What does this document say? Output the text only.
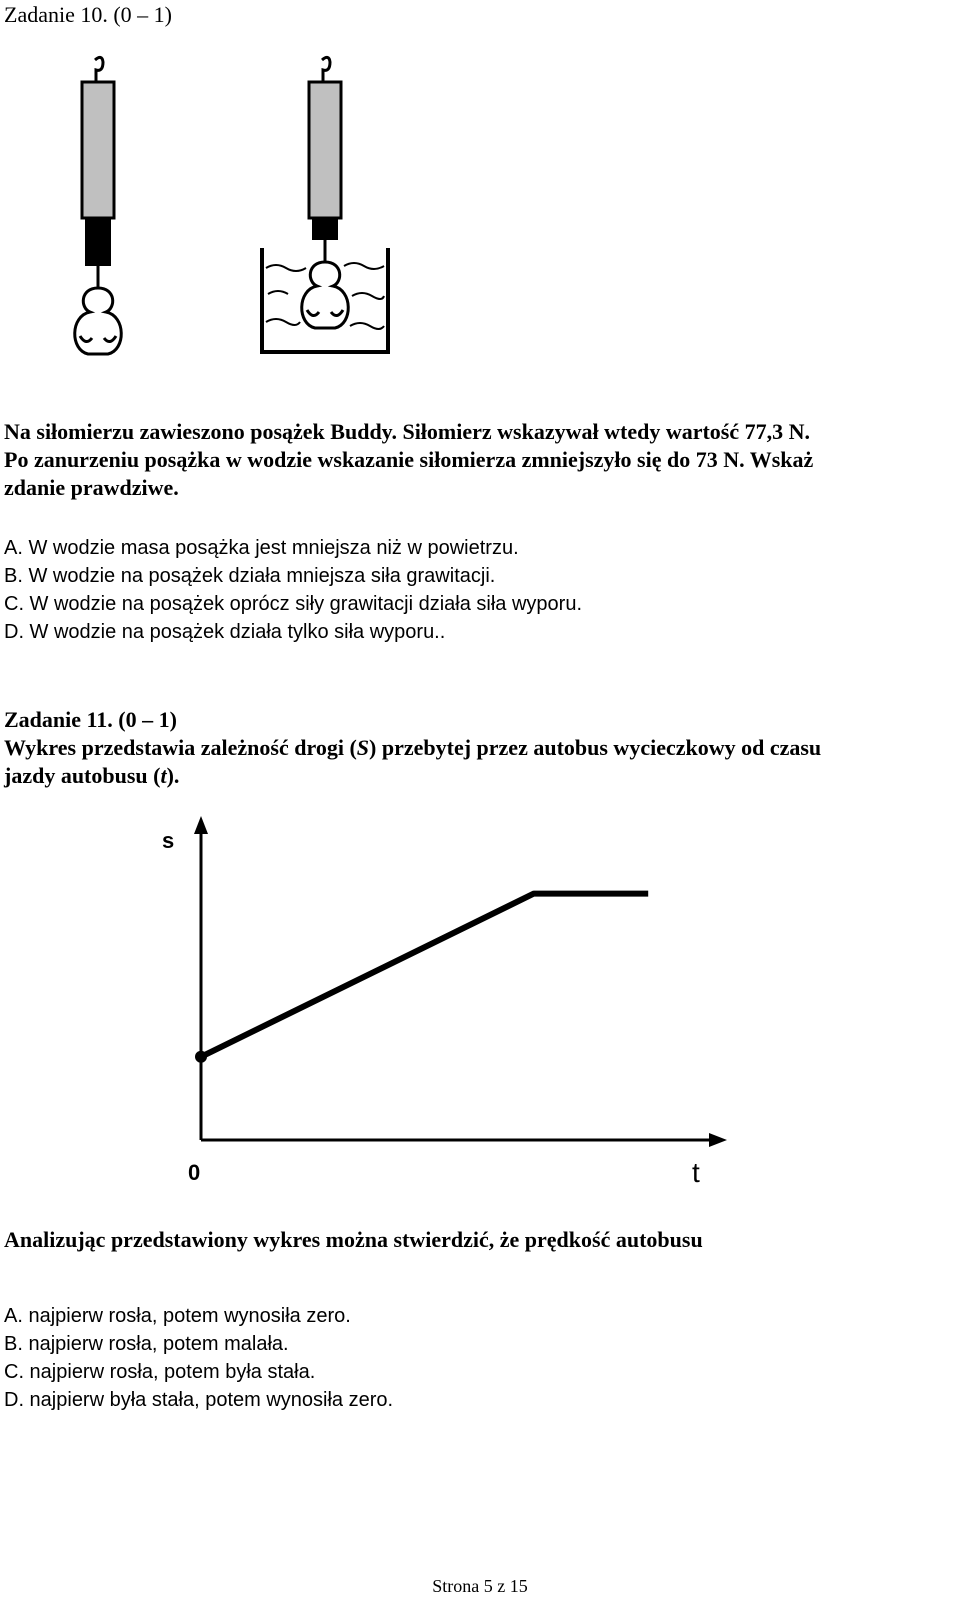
Zadanie 10. (0 – 1)
Na siłomierzu zawieszono posążek Buddy. Siłomierz wskazywał wtedy wartość 77,3 N.
Po zanurzeniu posążka w wodzie wskazanie siłomierza zmniejszyło się do 73 N. Wskaż
zdanie prawdziwe.
A. W wodzie masa posążka jest mniejsza niż w powietrzu.
B. W wodzie na posążek działa mniejsza siła grawitacji.
C. W wodzie na posążek oprócz siły grawitacji działa siła wyporu.
D. W wodzie na posążek działa tylko siła wyporu..
Zadanie 11. (0 – 1)
Wykres przedstawia zależność drogi (S) przebytej przez autobus wycieczkowy od czasu
jazdy autobusu (t).
s
t
0
Analizując przedstawiony wykres można stwierdzić, że prędkość autobusu
A. najpierw rosła, potem wynosiła zero.
B. najpierw rosła, potem malała.
C. najpierw rosła, potem była stała.
D. najpierw była stała, potem wynosiła zero.
Strona 5 z 15
